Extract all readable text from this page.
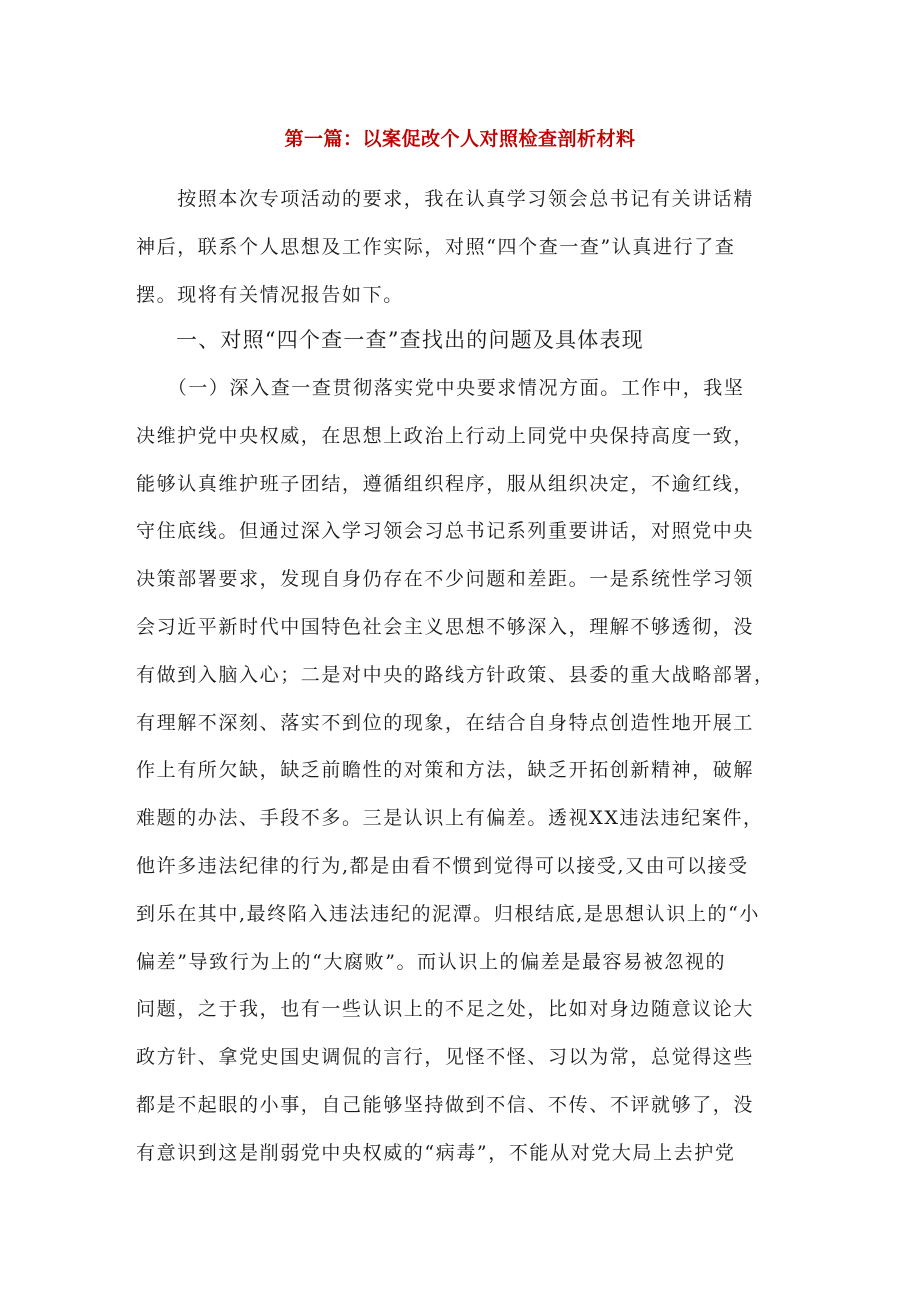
第一篇：以案促改个人对照检查剖析材料
　　按照本次专项活动的要求，我在认真学习领会总书记有关讲话精
神后，联系个人思想及工作实际，对照“四个查一查”认真进行了查
摆。现将有关情况报告如下。
一、对照“四个查一查”查找出的问题及具体表现
　　（一）深入查一查贯彻落实党中央要求情况方面。工作中，我坚
决维护党中央权威，在思想上政治上行动上同党中央保持高度一致，
能够认真维护班子团结，遵循组织程序，服从组织决定，不逾红线，
守住底线。但通过深入学习领会习总书记系列重要讲话，对照党中央
决策部署要求，发现自身仍存在不少问题和差距。一是系统性学习领
会习近平新时代中国特色社会主义思想不够深入，理解不够透彻，没
有做到入脑入心；二是对中央的路线方针政策、县委的重大战略部署，
有理解不深刻、落实不到位的现象，在结合自身特点创造性地开展工
作上有所欠缺，缺乏前瞻性的对策和方法，缺乏开拓创新精神，破解
难题的办法、手段不多。三是认识上有偏差。透视XX违法违纪案件，
他许多违法纪律的行为,都是由看不惯到觉得可以接受,又由可以接受
到乐在其中,最终陷入违法违纪的泥潭。归根结底,是思想认识上的“小
偏差”导致行为上的“大腐败”。而认识上的偏差是最容易被忽视的
问题，之于我，也有一些认识上的不足之处，比如对身边随意议论大
政方针、拿党史国史调侃的言行，见怪不怪、习以为常，总觉得这些
都是不起眼的小事，自己能够坚持做到不信、不传、不评就够了，没
有意识到这是削弱党中央权威的“病毒”，不能从对党大局上去护党
